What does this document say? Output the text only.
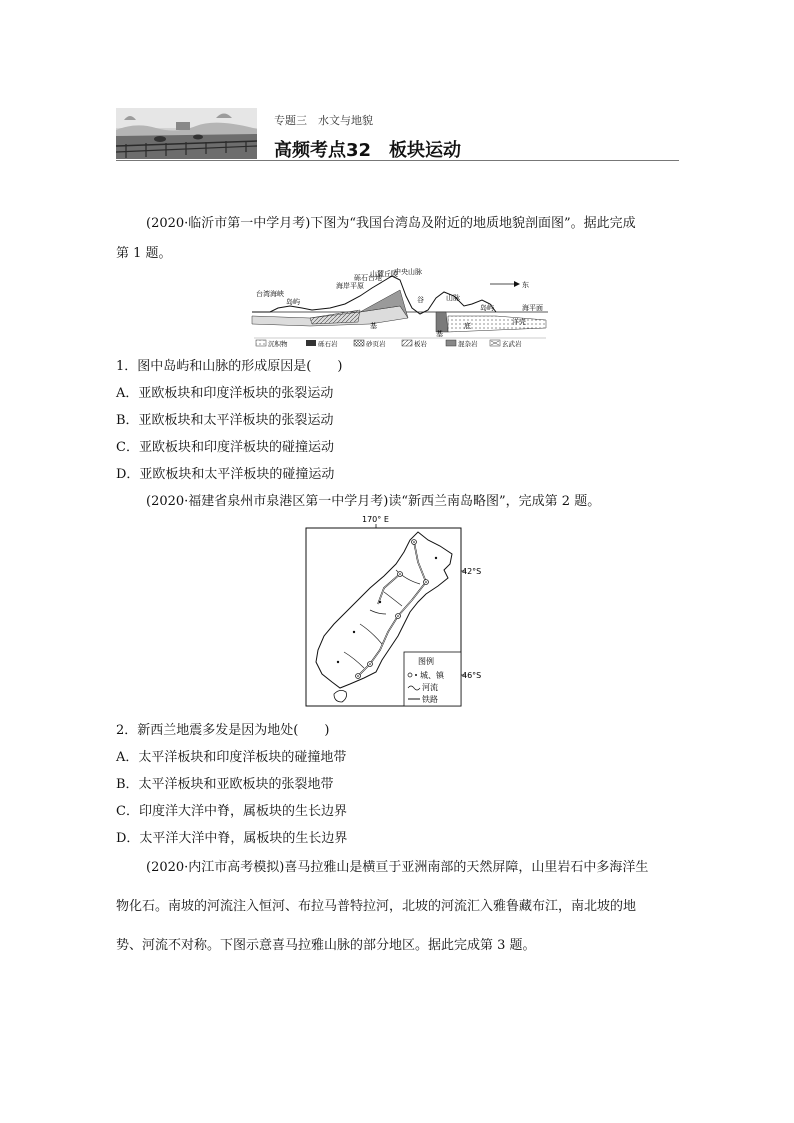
专题三　水文与地貌
高频考点32　板块运动
(2020·临沂市第一中学月考)下图为“我国台湾岛及附近的地质地貌剖面图”。据此完成
第 1 题。
台湾海峡
岛屿
海岸平原
砾石台地
山麓丘陵
中央山脉
东
谷	山脉
岛屿	海平面
洋壳
基
基
底
沉积物	砾石岩	砂页岩	板岩	混杂岩	玄武岩
1．图中岛屿和山脉的形成原因是(　　)
A．亚欧板块和印度洋板块的张裂运动
B．亚欧板块和太平洋板块的张裂运动
C．亚欧板块和印度洋板块的碰撞运动
D．亚欧板块和太平洋板块的碰撞运动
(2020·福建省泉州市泉港区第一中学月考)读“新西兰南岛略图”，完成第 2 题。
170° E
42°S
46°S
图例
城、镇
河流
铁路
2．新西兰地震多发是因为地处(　　)
A．太平洋板块和印度洋板块的碰撞地带
B．太平洋板块和亚欧板块的张裂地带
C．印度洋大洋中脊，属板块的生长边界
D．太平洋大洋中脊，属板块的生长边界
(2020·内江市高考模拟)喜马拉雅山是横亘于亚洲南部的天然屏障，山里岩石中多海洋生
物化石。南坡的河流注入恒河、布拉马普特拉河，北坡的河流汇入雅鲁藏布江，南北坡的地
势、河流不对称。下图示意喜马拉雅山脉的部分地区。据此完成第 3 题。
